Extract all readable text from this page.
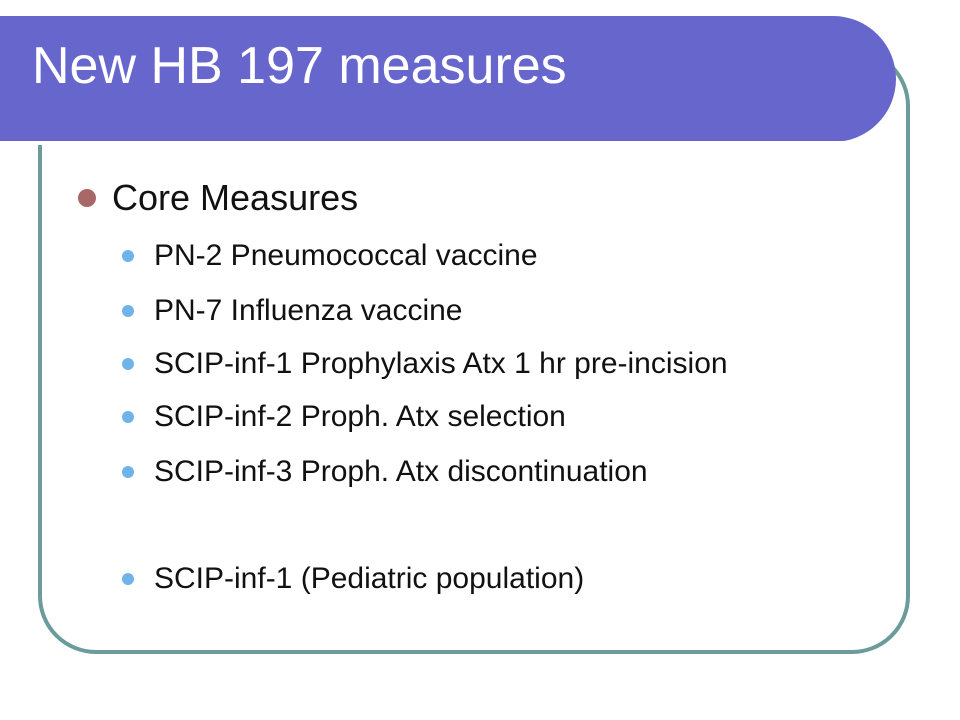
New HB 197 measures
Core Measures
PN-2 Pneumococcal vaccine
PN-7 Influenza vaccine
SCIP-inf-1 Prophylaxis Atx 1 hr pre-incision
SCIP-inf-2 Proph. Atx selection
SCIP-inf-3 Proph. Atx discontinuation
SCIP-inf-1 (Pediatric population)
